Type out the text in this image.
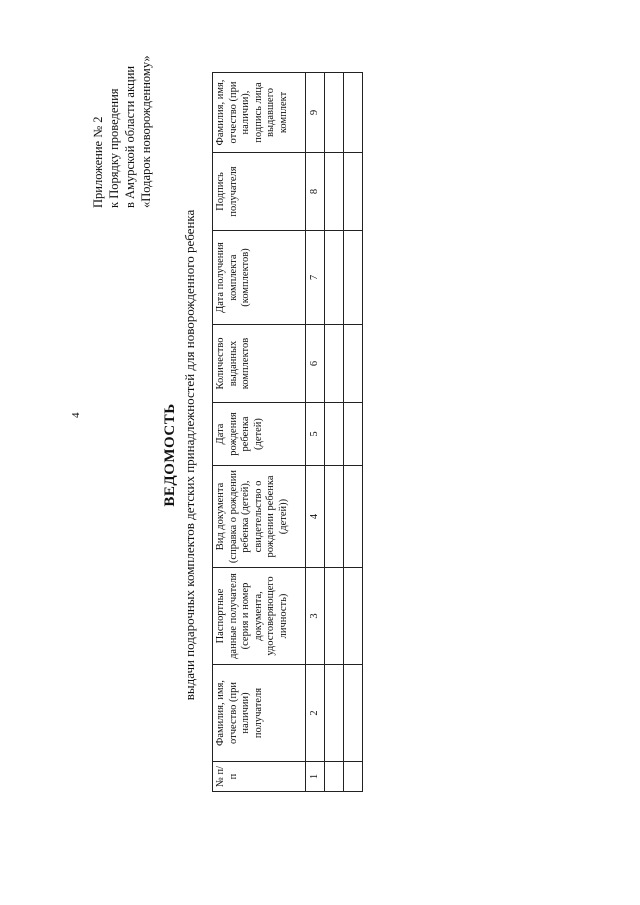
4
Приложение № 2 к Порядку проведения в Амурской области акции «Подарок новорожденному»
ВЕДОМОСТЬ выдачи подарочных комплектов детских принадлежностей для новорожденного ребенка
№ п/п	Фамилия, имя, отчество (при наличии) получателя	Паспортные данные получателя (серия и номер документа, удостоверяющего личность)	Вид документа (справка о рождении ребенка (детей), свидетельство о рождении ребенка (детей))	Дата рождения ребенка (детей)	Количество выданных комплектов	Дата получения комплекта (комплектов)	Подпись получателя	Фамилия, имя, отчество (при наличии), подпись лица выдавшего комплект
1	2	3	4	5	6	7	8	9
